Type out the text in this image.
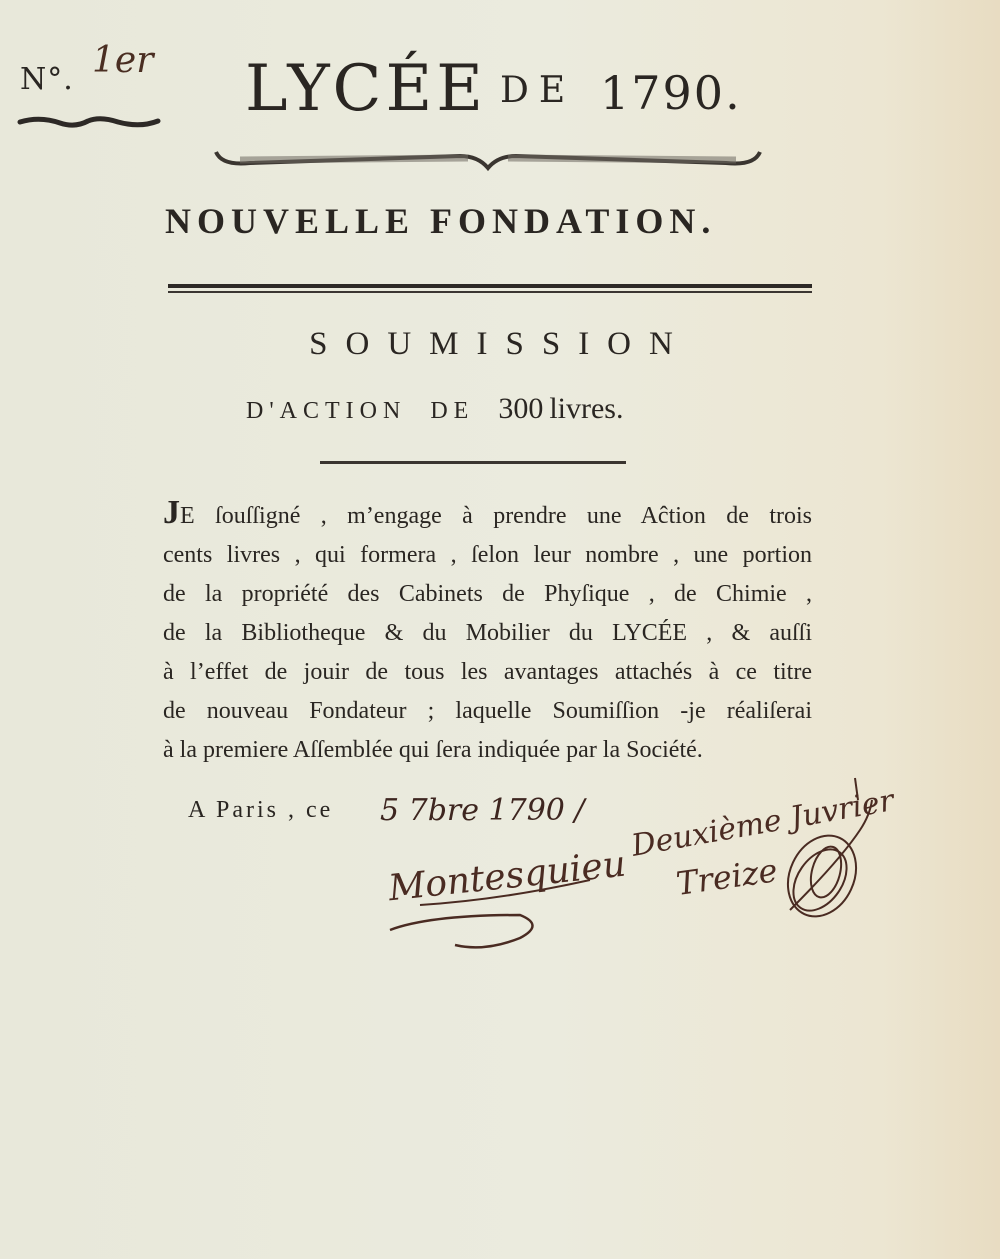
N°. 1er LYCÉE DE 1790.
NOUVELLE FONDATION.
SOUMISSION
D'ACTION DE 300 livres.
JE ſouſſigné , m’engage à prendre une Aĉtion de trois
cents livres , qui formera , ſelon leur nombre , une portion
de la propriété des Cabinets de Phyſique , de Chimie ,
de la Bibliotheque & du Mobilier du LYCÉE , & auſſi
à l’effet de jouir de tous les avantages attachés à ce titre
de nouveau Fondateur ; laquelle Soumiſſion -je réaliſerai
à la premiere Aſſemblée qui ſera indiquée par la Société.
A Paris , ce 5 7bre 1790 /
Montesquieu
Deuxième Juvrier
Treize
